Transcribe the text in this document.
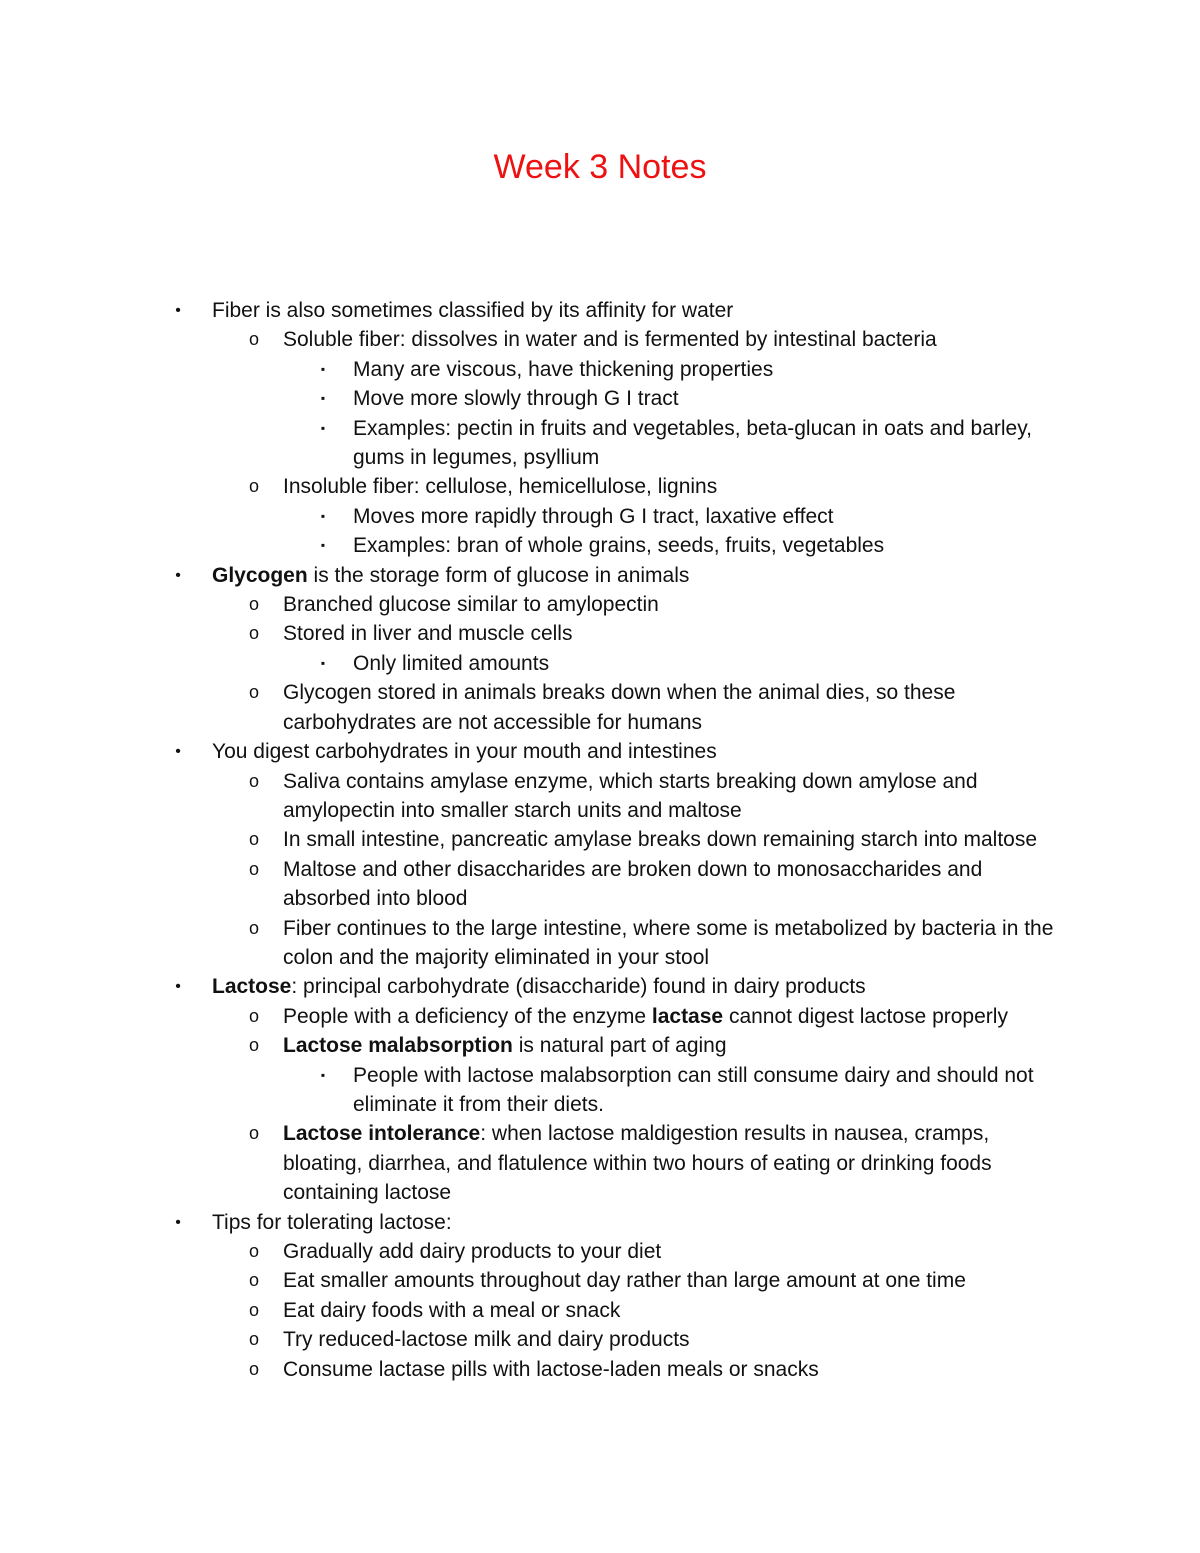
Week 3 Notes
•	Fiber is also sometimes classified by its affinity for water
o Soluble fiber: dissolves in water and is fermented by intestinal bacteria
▪	Many are viscous, have thickening properties
▪	Move more slowly through G I tract
▪	Examples: pectin in fruits and vegetables, beta-glucan in oats and barley, gums in legumes, psyllium
o Insoluble fiber: cellulose, hemicellulose, lignins
▪	Moves more rapidly through G I tract, laxative effect
▪	Examples: bran of whole grains, seeds, fruits, vegetables
•	Glycogen is the storage form of glucose in animals
o Branched glucose similar to amylopectin
o Stored in liver and muscle cells
▪	Only limited amounts
o Glycogen stored in animals breaks down when the animal dies, so these carbohydrates are not accessible for humans
•	You digest carbohydrates in your mouth and intestines
o Saliva contains amylase enzyme, which starts breaking down amylose and amylopectin into smaller starch units and maltose
o In small intestine, pancreatic amylase breaks down remaining starch into maltose
o Maltose and other disaccharides are broken down to monosaccharides and absorbed into blood
o Fiber continues to the large intestine, where some is metabolized by bacteria in the colon and the majority eliminated in your stool
•	Lactose: principal carbohydrate (disaccharide) found in dairy products
o People with a deficiency of the enzyme lactase cannot digest lactose properly
o Lactose malabsorption is natural part of aging
▪	People with lactose malabsorption can still consume dairy and should not eliminate it from their diets.
o Lactose intolerance: when lactose maldigestion results in nausea, cramps, bloating, diarrhea, and flatulence within two hours of eating or drinking foods containing lactose
•	Tips for tolerating lactose:
o Gradually add dairy products to your diet
o Eat smaller amounts throughout day rather than large amount at one time
o Eat dairy foods with a meal or snack
o Try reduced-lactose milk and dairy products
o Consume lactase pills with lactose-laden meals or snacks
